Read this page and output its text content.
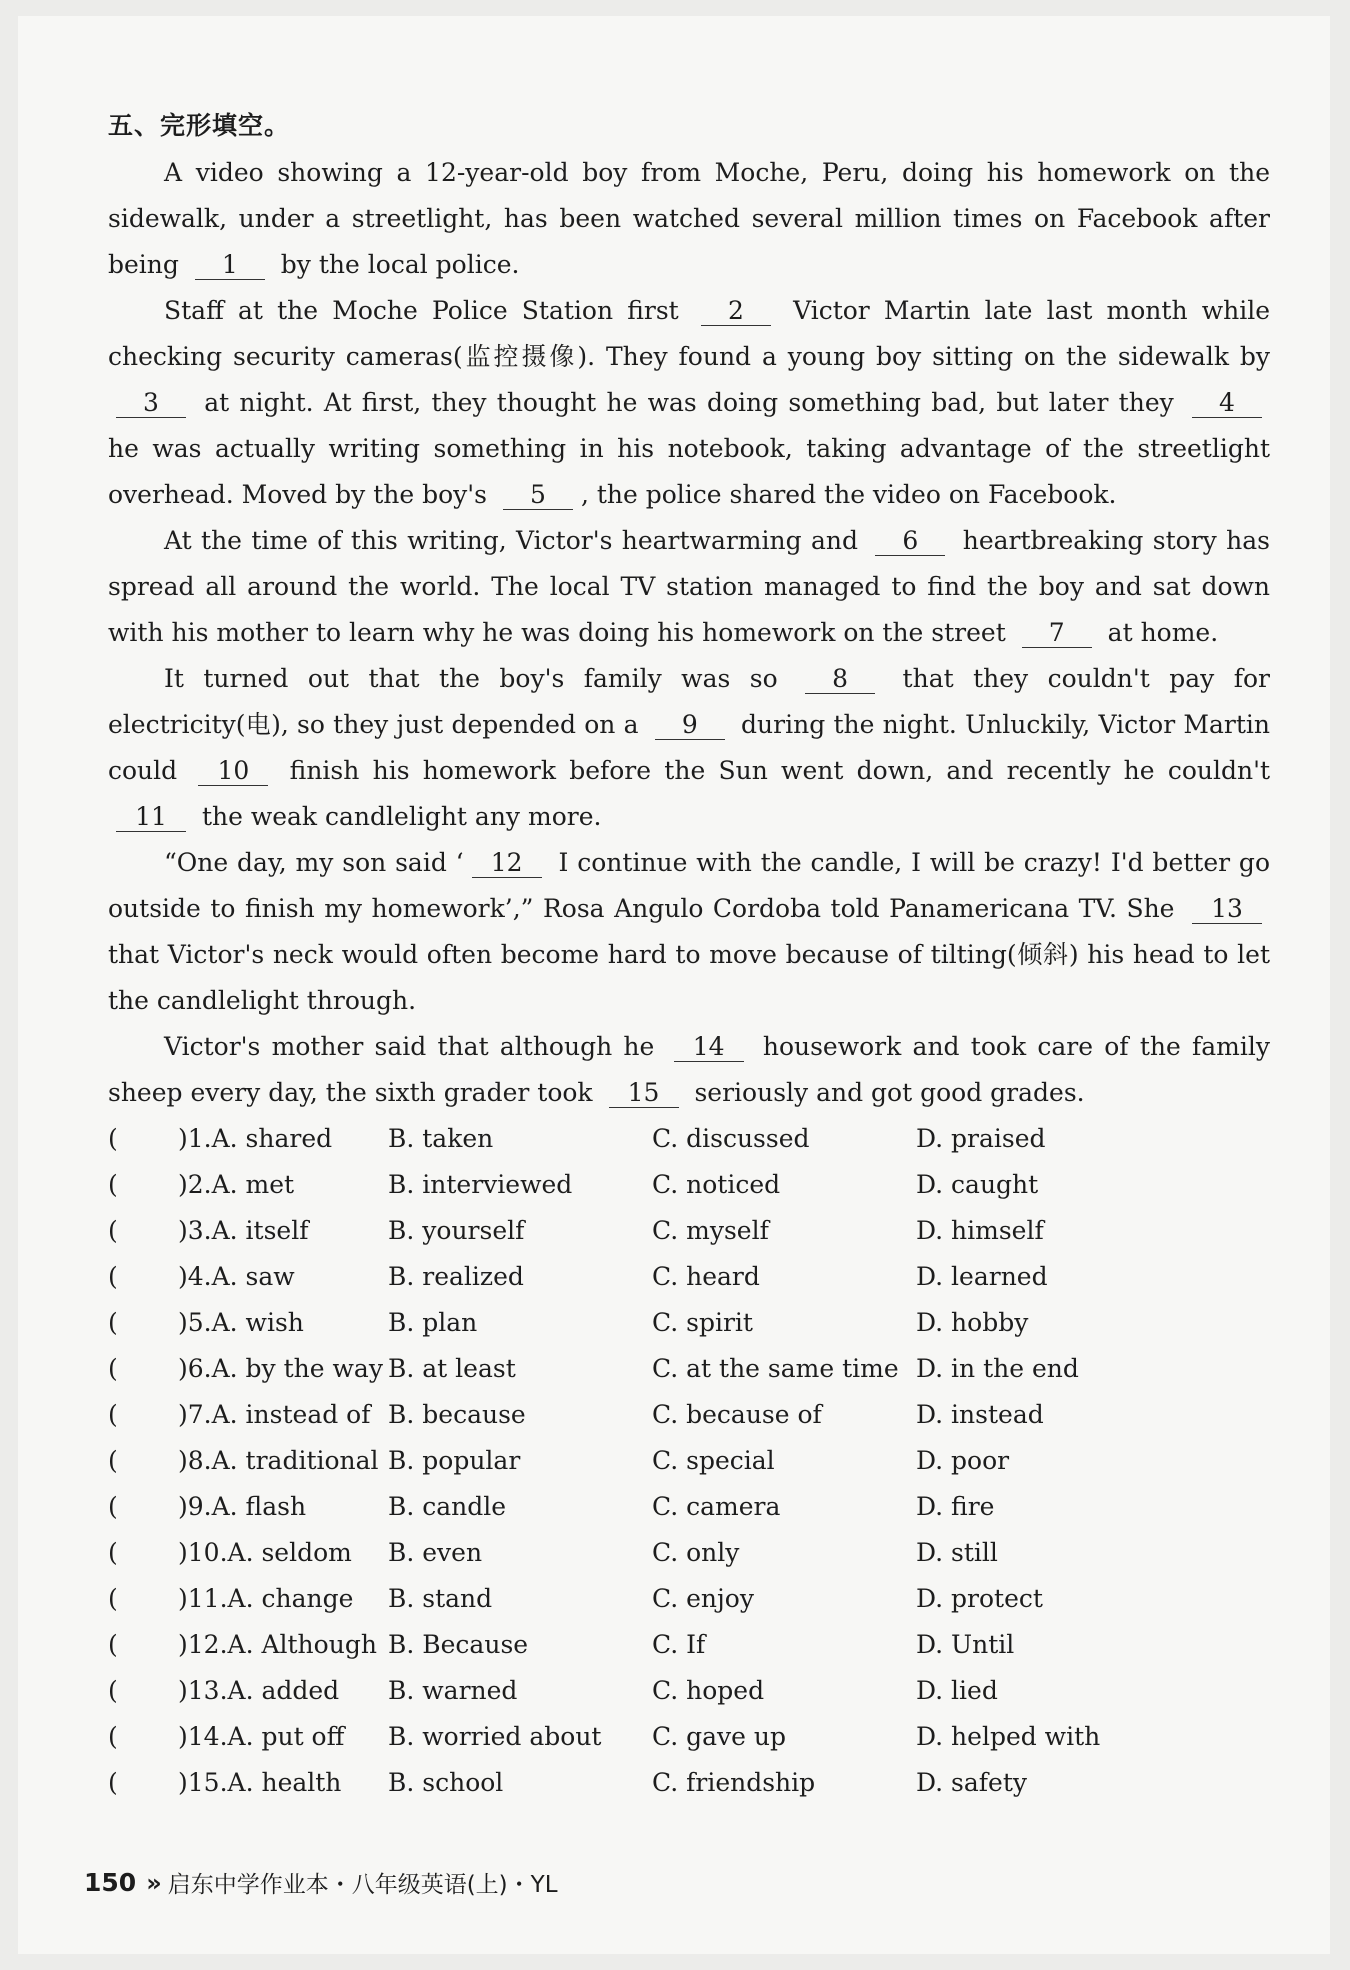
五、完形填空。

A video showing a 12-year-old boy from Moche, Peru, doing his homework on the sidewalk, under a streetlight, has been watched several million times on Facebook after being 1 by the local police.

Staff at the Moche Police Station first 2 Victor Martin late last month while checking security cameras(监控摄像). They found a young boy sitting on the sidewalk by 3 at night. At first, they thought he was doing something bad, but later they 4 he was actually writing something in his notebook, taking advantage of the streetlight overhead. Moved by the boy's 5 , the police shared the video on Facebook.

At the time of this writing, Victor's heartwarming and 6 heartbreaking story has spread all around the world. The local TV station managed to find the boy and sat down with his mother to learn why he was doing his homework on the street 7 at home.

It turned out that the boy's family was so 8 that they couldn't pay for electricity(电), so they just depended on a 9 during the night. Unluckily, Victor Martin could 10 finish his homework before the Sun went down, and recently he couldn't 11 the weak candlelight any more.

“One day, my son said ‘ 12 I continue with the candle, I will be crazy! I'd better go outside to finish my homework’,” Rosa Angulo Cordoba told Panamericana TV. She 13 that Victor's neck would often become hard to move because of tilting(倾斜) his head to let the candlelight through.

Victor's mother said that although he 14 housework and took care of the family sheep every day, the sixth grader took 15 seriously and got good grades.

(	)1.A. shared	B. taken	C. discussed	D. praised
(	)2.A. met	B. interviewed	C. noticed	D. caught
(	)3.A. itself	B. yourself	C. myself	D. himself
(	)4.A. saw	B. realized	C. heard	D. learned
(	)5.A. wish	B. plan	C. spirit	D. hobby
(	)6.A. by the way B. at least	C. at the same time D. in the end
(	)7.A. instead of B. because	C. because of	D. instead
(	)8.A. traditional B. popular	C. special	D. poor
(	)9.A. flash	B. candle	C. camera	D. fire
(	)10.A. seldom	B. even	C. only	D. still
(	)11.A. change	B. stand	C. enjoy	D. protect
(	)12.A. Although B. Because	C. If	D. Until
(	)13.A. added	B. warned	C. hoped	D. lied
(	)14.A. put off	B. worried about	C. gave up	D. helped with
(	)15.A. health	B. school	C. friendship	D. safety
150 » 启东中学作业本・八年级英语(上)・YL
